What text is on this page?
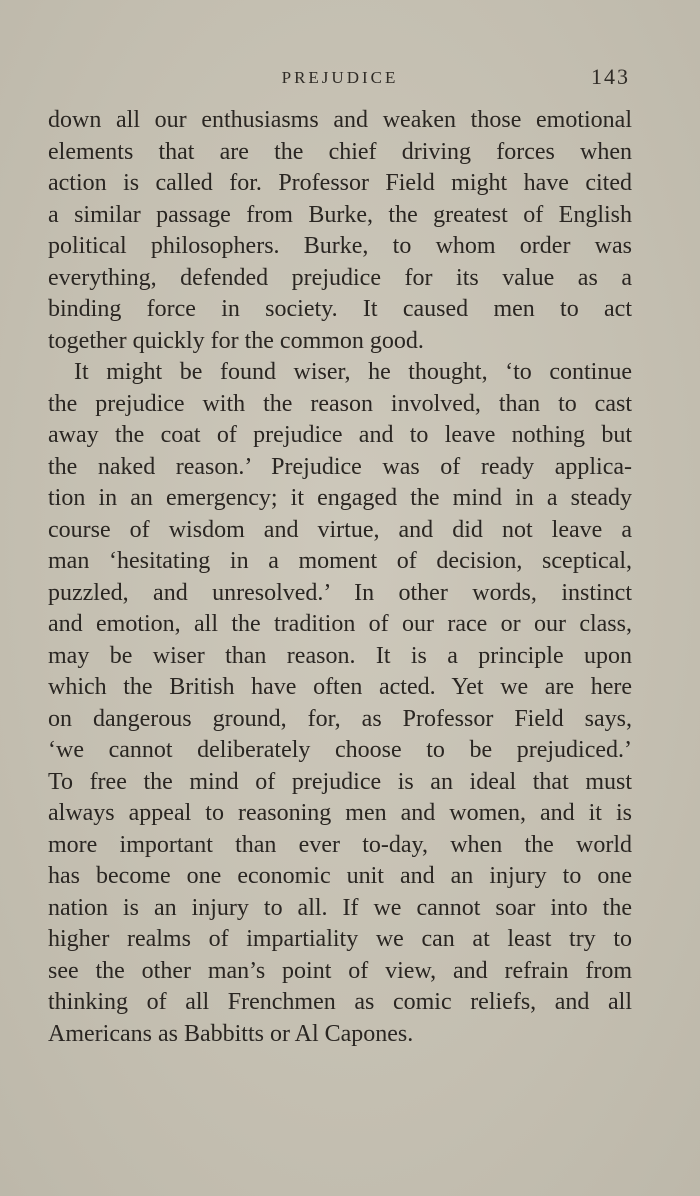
PREJUDICE	143
down all our enthusiasms and weaken those emotional
elements that are the chief driving forces when
action is called for. Professor Field might have cited
a similar passage from Burke, the greatest of English
political philosophers. Burke, to whom order was
everything, defended prejudice for its value as a
binding force in society. It caused men to act
together quickly for the common good.
It might be found wiser, he thought, ‘to continue
the prejudice with the reason involved, than to cast
away the coat of prejudice and to leave nothing but
the naked reason.’ Prejudice was of ready applica-
tion in an emergency; it engaged the mind in a steady
course of wisdom and virtue, and did not leave a
man ‘hesitating in a moment of decision, sceptical,
puzzled, and unresolved.’ In other words, instinct
and emotion, all the tradition of our race or our class,
may be wiser than reason. It is a principle upon
which the British have often acted. Yet we are here
on dangerous ground, for, as Professor Field says,
‘we cannot deliberately choose to be prejudiced.’
To free the mind of prejudice is an ideal that must
always appeal to reasoning men and women, and it is
more important than ever to-day, when the world
has become one economic unit and an injury to one
nation is an injury to all. If we cannot soar into the
higher realms of impartiality we can at least try to
see the other man’s point of view, and refrain from
thinking of all Frenchmen as comic reliefs, and all
Americans as Babbitts or Al Capones.
